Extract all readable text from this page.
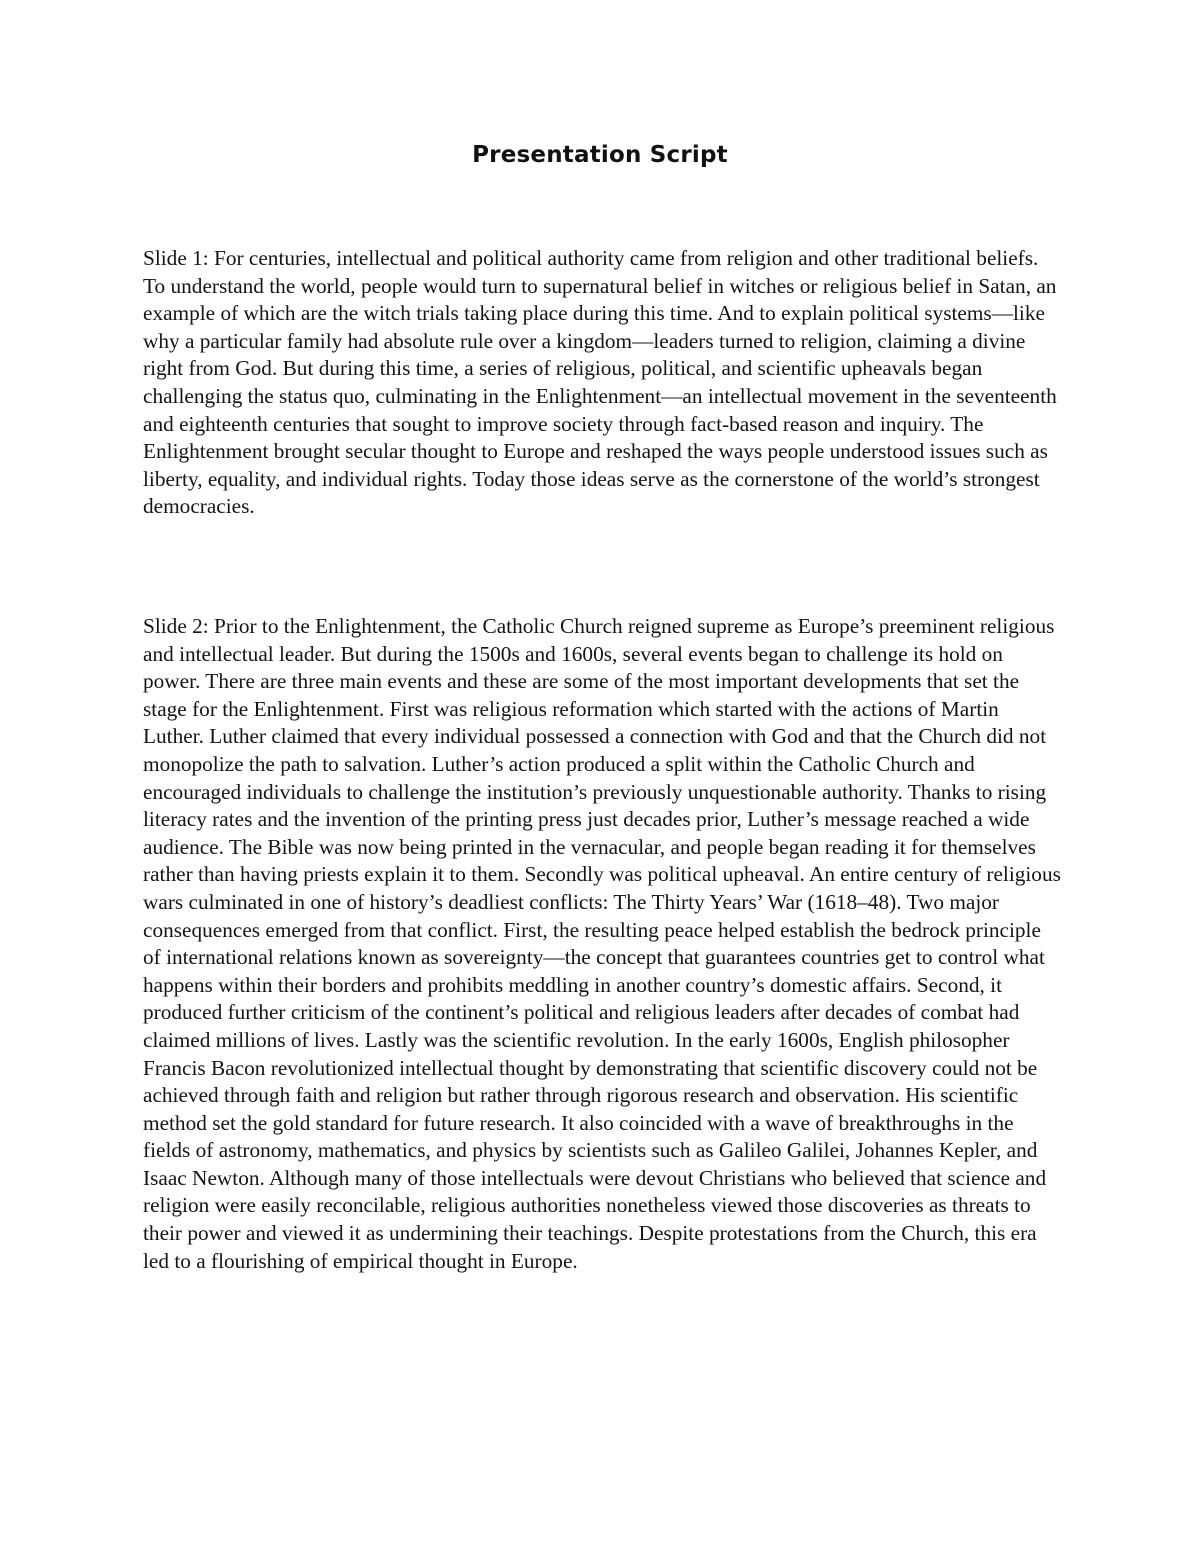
Presentation Script

Slide 1: For centuries, intellectual and political authority came from religion and other traditional beliefs. To understand the world, people would turn to supernatural belief in witches or religious belief in Satan, an example of which are the witch trials taking place during this time. And to explain political systems—like why a particular family had absolute rule over a kingdom—leaders turned to religion, claiming a divine right from God. But during this time, a series of religious, political, and scientific upheavals began challenging the status quo, culminating in the Enlightenment—an intellectual movement in the seventeenth and eighteenth centuries that sought to improve society through fact-based reason and inquiry. The Enlightenment brought secular thought to Europe and reshaped the ways people understood issues such as liberty, equality, and individual rights. Today those ideas serve as the cornerstone of the world’s strongest democracies.

Slide 2: Prior to the Enlightenment, the Catholic Church reigned supreme as Europe’s preeminent religious and intellectual leader. But during the 1500s and 1600s, several events began to challenge its hold on power. There are three main events and these are some of the most important developments that set the stage for the Enlightenment. First was religious reformation which started with the actions of Martin Luther. Luther claimed that every individual possessed a connection with God and that the Church did not monopolize the path to salvation. Luther’s action produced a split within the Catholic Church and encouraged individuals to challenge the institution’s previously unquestionable authority. Thanks to rising literacy rates and the invention of the printing press just decades prior, Luther’s message reached a wide audience. The Bible was now being printed in the vernacular, and people began reading it for themselves rather than having priests explain it to them. Secondly was political upheaval. An entire century of religious wars culminated in one of history’s deadliest conflicts: The Thirty Years’ War (1618–48). Two major consequences emerged from that conflict. First, the resulting peace helped establish the bedrock principle of international relations known as sovereignty—the concept that guarantees countries get to control what happens within their borders and prohibits meddling in another country’s domestic affairs. Second, it produced further criticism of the continent’s political and religious leaders after decades of combat had claimed millions of lives. Lastly was the scientific revolution. In the early 1600s, English philosopher Francis Bacon revolutionized intellectual thought by demonstrating that scientific discovery could not be achieved through faith and religion but rather through rigorous research and observation. His scientific method set the gold standard for future research. It also coincided with a wave of breakthroughs in the fields of astronomy, mathematics, and physics by scientists such as Galileo Galilei, Johannes Kepler, and Isaac Newton. Although many of those intellectuals were devout Christians who believed that science and religion were easily reconcilable, religious authorities nonetheless viewed those discoveries as threats to their power and viewed it as undermining their teachings. Despite protestations from the Church, this era led to a flourishing of empirical thought in Europe.
